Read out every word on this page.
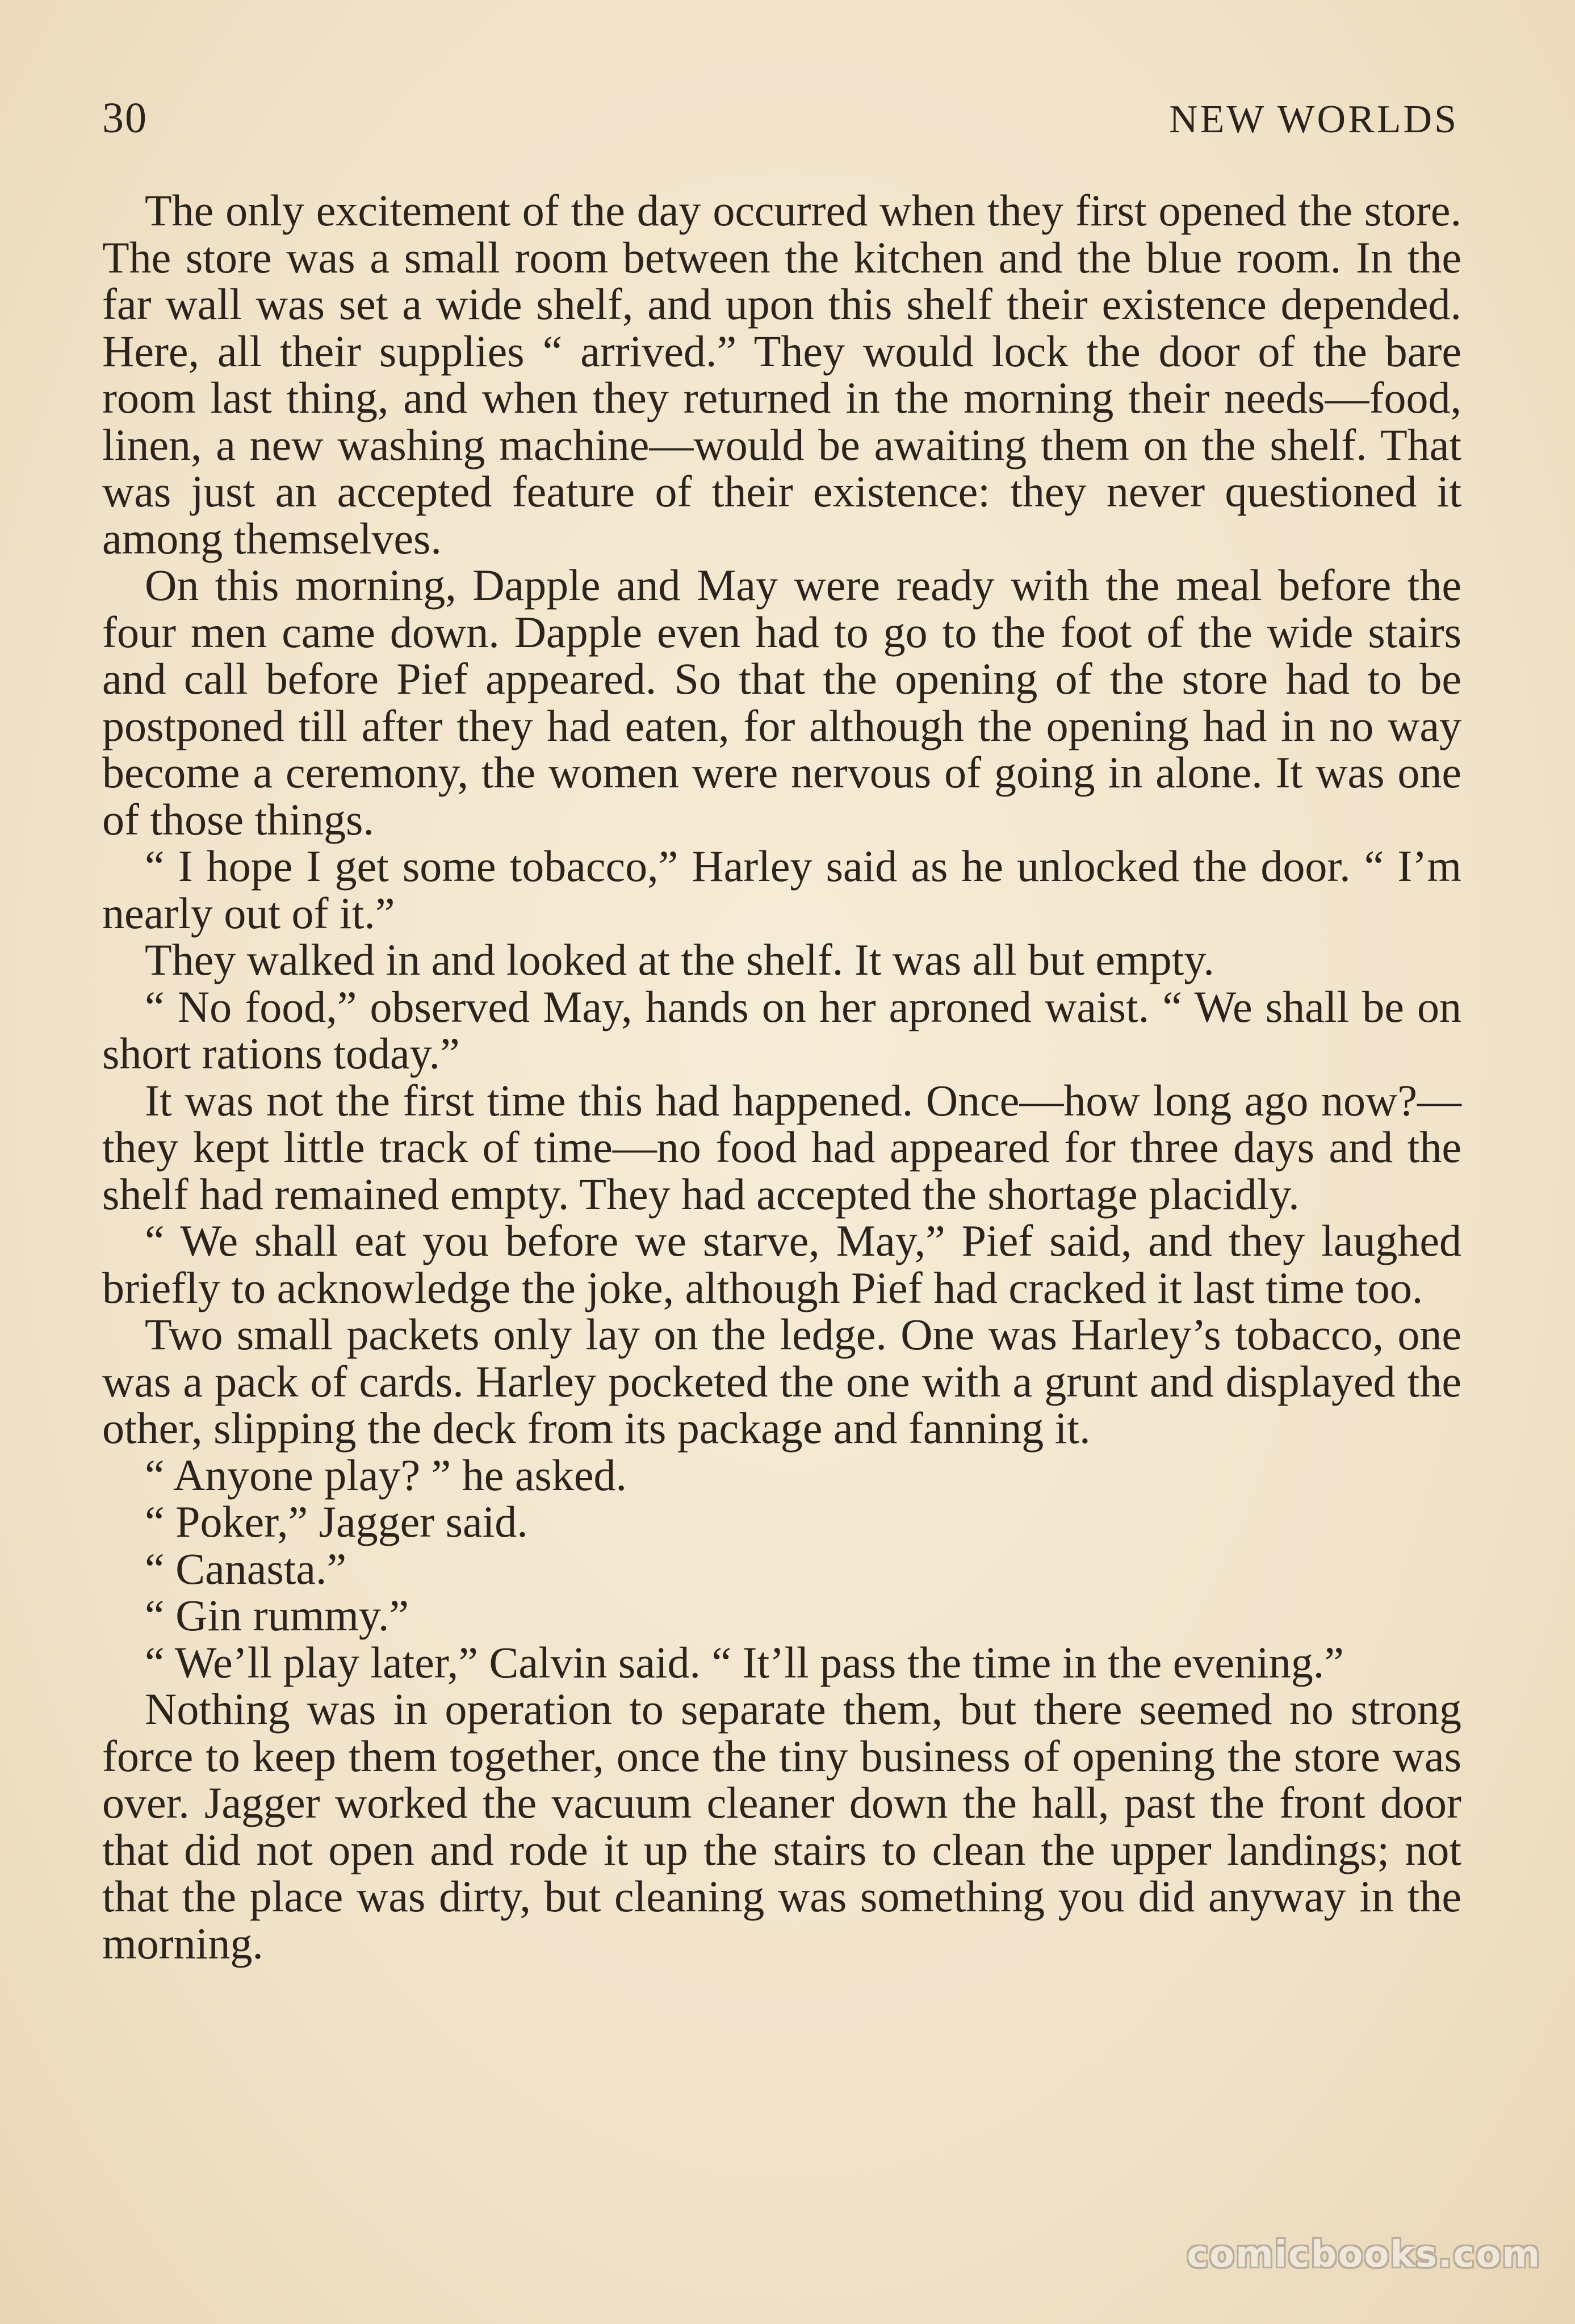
30	NEW WORLDS

The only excitement of the day occurred when they first opened the store. The store was a small room between the kitchen and the blue room. In the far wall was set a wide shelf, and upon this shelf their existence depended. Here, all their supplies “ arrived.” They would lock the door of the bare room last thing, and when they returned in the morning their needs—food, linen, a new washing machine—would be awaiting them on the shelf. That was just an accepted feature of their existence: they never questioned it among themselves.

On this morning, Dapple and May were ready with the meal before the four men came down. Dapple even had to go to the foot of the wide stairs and call before Pief appeared. So that the opening of the store had to be postponed till after they had eaten, for although the opening had in no way become a ceremony, the women were nervous of going in alone. It was one of those things.

“ I hope I get some tobacco,” Harley said as he unlocked the door. “ I’m nearly out of it.”

They walked in and looked at the shelf. It was all but empty.

“ No food,” observed May, hands on her aproned waist. “ We shall be on short rations today.”

It was not the first time this had happened. Once—how long ago now?—they kept little track of time—no food had appeared for three days and the shelf had remained empty. They had accepted the shortage placidly.

“ We shall eat you before we starve, May,” Pief said, and they laughed briefly to acknowledge the joke, although Pief had cracked it last time too.

Two small packets only lay on the ledge. One was Harley’s tobacco, one was a pack of cards. Harley pocketed the one with a grunt and displayed the other, slipping the deck from its package and fanning it.

“ Anyone play? ” he asked.

“ Poker,” Jagger said.

“ Canasta.”

“ Gin rummy.”

“ We’ll play later,” Calvin said. “ It’ll pass the time in the evening.”

Nothing was in operation to separate them, but there seemed no strong force to keep them together, once the tiny business of opening the store was over. Jagger worked the vacuum cleaner down the hall, past the front door that did not open and rode it up the stairs to clean the upper landings; not that the place was dirty, but cleaning was something you did anyway in the morning.

comicbooks.com
